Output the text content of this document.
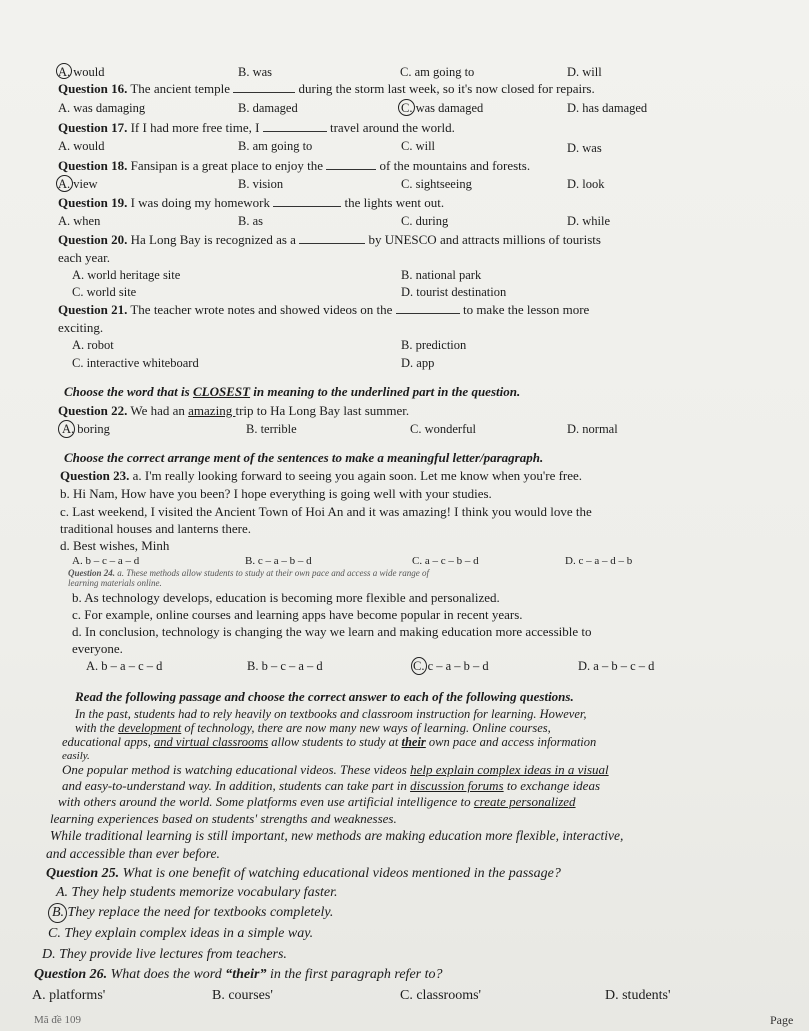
A. would	B. was	C. am going to	D. will
Question 16. The ancient temple	during the storm last week, so it's now closed for repairs.
A. was damaging	B. damaged	C. was damaged	D. has damaged
Question 17. If I had more free time, I	travel around the world.
A. would	B. am going to	C. will	D. was
Question 18. Fansipan is a great place to enjoy the	of the mountains and forests.
A. view	B. vision	C. sightseeing	D. look
Question 19. I was doing my homework	the lights went out.
A. when	B. as	C. during	D. while
Question 20. Ha Long Bay is recognized as a	by UNESCO and attracts millions of tourists
each year.
A. world heritage site	B. national park
C. world site	D. tourist destination
Question 21. The teacher wrote notes and showed videos on the	to make the lesson more
exciting.
A. robot	B. prediction
C. interactive whiteboard	D. app
Choose the word that is CLOSEST in meaning to the underlined part in the question.
Question 22. We had an amazing trip to Ha Long Bay last summer.
A. boring	B. terrible	C. wonderful	D. normal
Choose the correct arrange ment of the sentences to make a meaningful letter/paragraph.
Question 23. a. I'm really looking forward to seeing you again soon. Let me know when you're free.
b. Hi Nam, How have you been? I hope everything is going well with your studies.
c. Last weekend, I visited the Ancient Town of Hoi An and it was amazing! I think you would love the
traditional houses and lanterns there.
d. Best wishes, Minh
A. b – c – a – d	B. c – a – b – d	C. a – c – b – d	D. c – a – d – b
Question 24. a. These methods allow students to study at their own pace and access a wide range of
learning materials online.
b. As technology develops, education is becoming more flexible and personalized.
c. For example, online courses and learning apps have become popular in recent years.
d. In conclusion, technology is changing the way we learn and making education more accessible to
everyone.
A. b – a – c – d	B. b – c – a – d	C. c – a – b – d	D. a – b – c – d
Read the following passage and choose the correct answer to each of the following questions.
In the past, students had to rely heavily on textbooks and classroom instruction for learning. However,
with the development of technology, there are now many new ways of learning. Online courses,
educational apps, and virtual classrooms allow students to study at their own pace and access information
easily.
One popular method is watching educational videos. These videos help explain complex ideas in a visual
and easy-to-understand way. In addition, students can take part in discussion forums to exchange ideas
with others around the world. Some platforms even use artificial intelligence to create personalized
learning experiences based on students' strengths and weaknesses.
While traditional learning is still important, new methods are making education more flexible, interactive,
and accessible than ever before.
Question 25. What is one benefit of watching educational videos mentioned in the passage?
A. They help students memorize vocabulary faster.
B. They replace the need for textbooks completely.
C. They explain complex ideas in a simple way.
D. They provide live lectures from teachers.
Question 26. What does the word “their” in the first paragraph refer to?
A. platforms'	B. courses'	C. classrooms'	D. students'
Mã đề 109	Page
